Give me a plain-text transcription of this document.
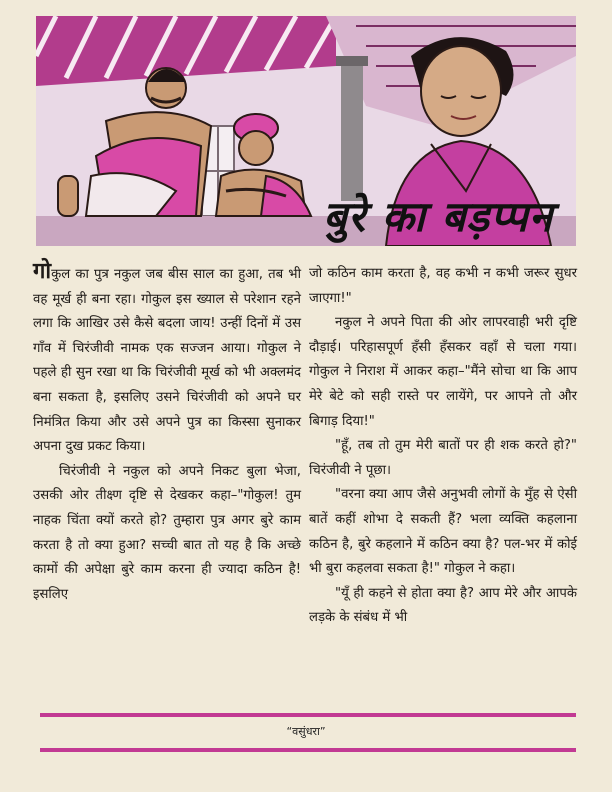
बुरे का बड़प्पन

गोकुल का पुत्र नकुल जब बीस साल का हुआ, तब भी वह मूर्ख ही बना रहा। गोकुल इस ख्याल से परेशान रहने लगा कि आखिर उसे कैसे बदला जाय! उन्हीं दिनों में उस गाँव में चिरंजीवी नामक एक सज्जन आया। गोकुल ने पहले ही सुन रखा था कि चिरंजीवी मूर्ख को भी अक्लमंद बना सकता है, इसलिए उसने चिरंजीवी को अपने घर निमंत्रित किया और उसे अपने पुत्र का किस्सा सुनाकर अपना दुख प्रकट किया।

चिरंजीवी ने नकुल को अपने निकट बुला भेजा, उसकी ओर तीक्ष्ण दृष्टि से देखकर कहा–"गोकुल! तुम नाहक चिंता क्यों करते हो? तुम्हारा पुत्र अगर बुरे काम करता है तो क्या हुआ? सच्ची बात तो यह है कि अच्छे कामों की अपेक्षा बुरे काम करना ही ज्यादा कठिन है! इसलिए

जो कठिन काम करता है, वह कभी न कभी जरूर सुधर जाएगा!"

नकुल ने अपने पिता की ओर लापरवाही भरी दृष्टि दौड़ाई। परिहासपूर्ण हँसी हँसकर वहाँ से चला गया। गोकुल ने निराश में आकर कहा–"मैंने सोचा था कि आप मेरे बेटे को सही रास्ते पर लायेंगे, पर आपने तो और बिगाड़ दिया!"

"हूँ, तब तो तुम मेरी बातों पर ही शक करते हो?" चिरंजीवी ने पूछा।

"वरना क्या आप जैसे अनुभवी लोगों के मुँह से ऐसी बातें कहीं शोभा दे सकती हैं? भला व्यक्ति कहलाना कठिन है, बुरे कहलाने में कठिन क्या है? पल-भर में कोई भी बुरा कहलवा सकता है!" गोकुल ने कहा।

"यूँ ही कहने से होता क्या है? आप मेरे और आपके लड़के के संबंध में भी

“वसुंधरा”
